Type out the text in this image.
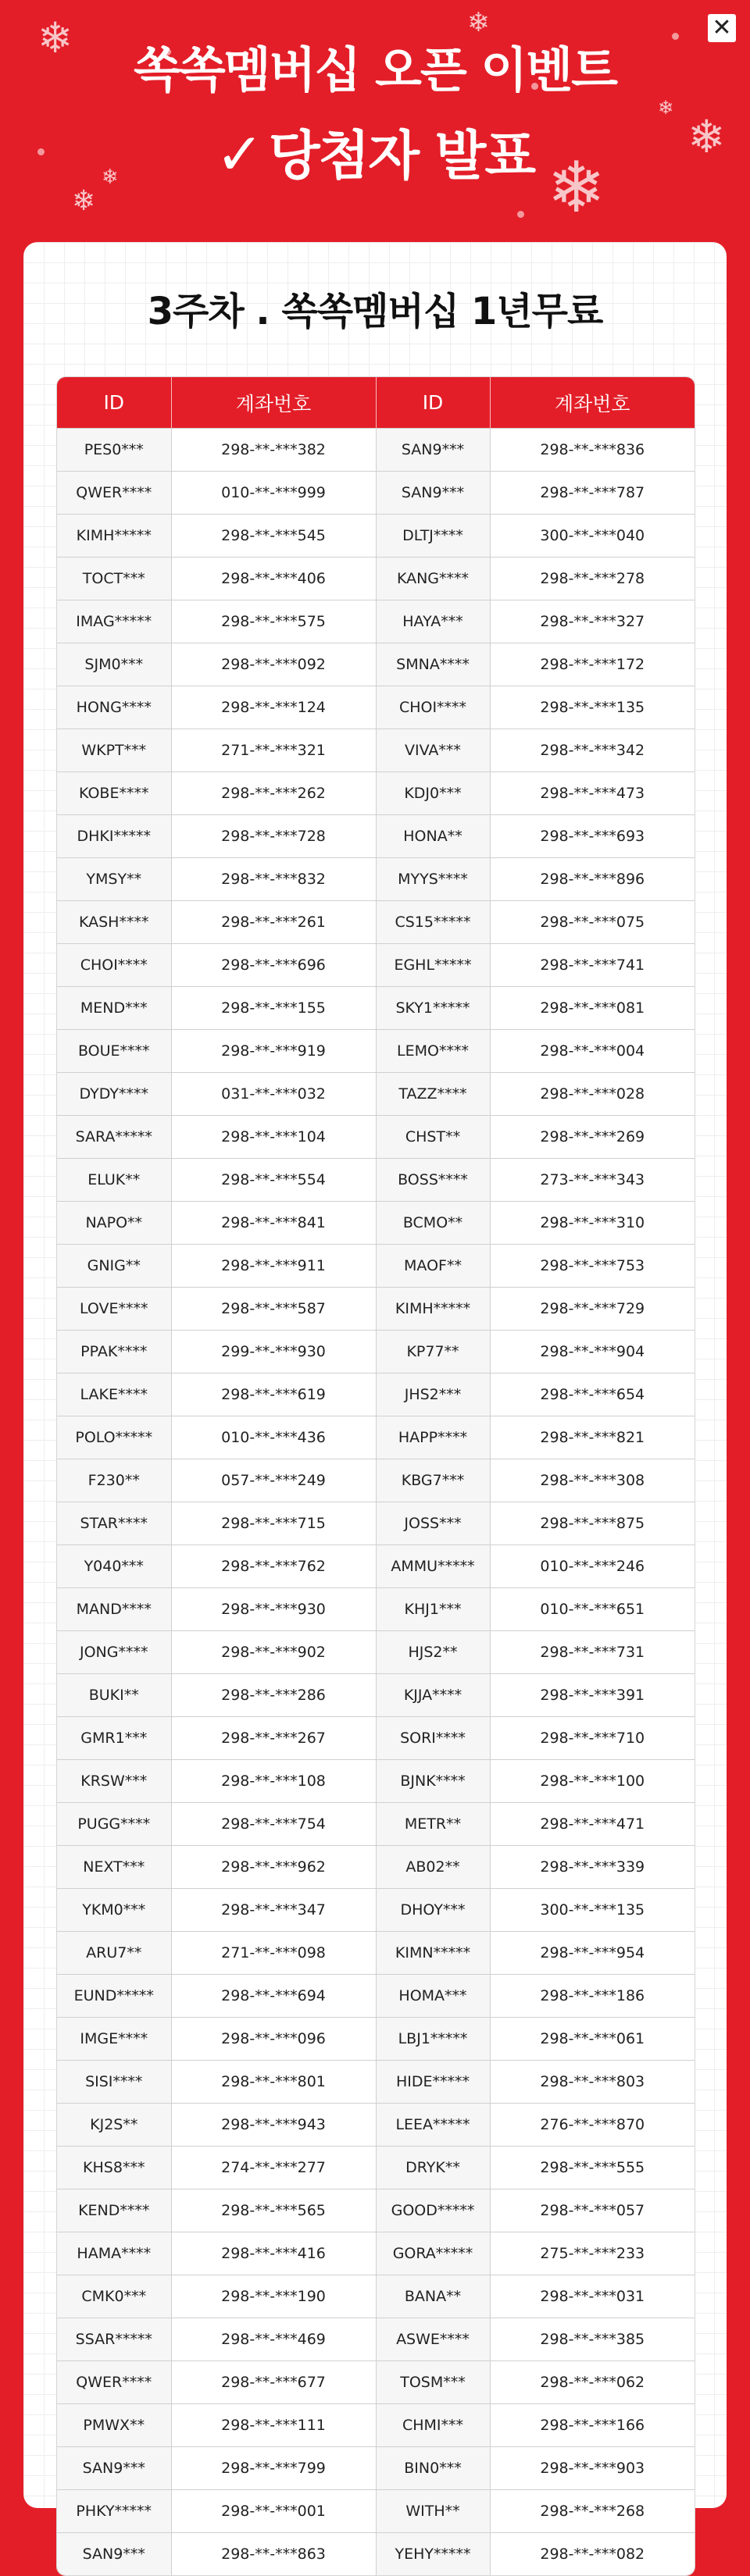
❄	❄
❄
❄
❄
❄
❄
✕
쏙쏙멤버십 오픈 이벤트
✓ 당첨자 발표
3주차 . 쏙쏙멤버십 1년무료
ID	계좌번호	ID	계좌번호
PES0***	298-**-***382	SAN9***	298-**-***836
QWER****	010-**-***999	SAN9***	298-**-***787
KIMH*****	298-**-***545	DLTJ****	300-**-***040
TOCT***	298-**-***406	KANG****	298-**-***278
IMAG*****	298-**-***575	HAYA***	298-**-***327
SJM0***	298-**-***092	SMNA****	298-**-***172
HONG****	298-**-***124	CHOI****	298-**-***135
WKPT***	271-**-***321	VIVA***	298-**-***342
KOBE****	298-**-***262	KDJ0***	298-**-***473
DHKI*****	298-**-***728	HONA**	298-**-***693
YMSY**	298-**-***832	MYYS****	298-**-***896
KASH****	298-**-***261	CS15*****	298-**-***075
CHOI****	298-**-***696	EGHL*****	298-**-***741
MEND***	298-**-***155	SKY1*****	298-**-***081
BOUE****	298-**-***919	LEMO****	298-**-***004
DYDY****	031-**-***032	TAZZ****	298-**-***028
SARA*****	298-**-***104	CHST**	298-**-***269
ELUK**	298-**-***554	BOSS****	273-**-***343
NAPO**	298-**-***841	BCMO**	298-**-***310
GNIG**	298-**-***911	MAOF**	298-**-***753
LOVE****	298-**-***587	KIMH*****	298-**-***729
PPAK****	299-**-***930	KP77**	298-**-***904
LAKE****	298-**-***619	JHS2***	298-**-***654
POLO*****	010-**-***436	HAPP****	298-**-***821
F230**	057-**-***249	KBG7***	298-**-***308
STAR****	298-**-***715	JOSS***	298-**-***875
Y040***	298-**-***762	AMMU*****	010-**-***246
MAND****	298-**-***930	KHJ1***	010-**-***651
JONG****	298-**-***902	HJS2**	298-**-***731
BUKI**	298-**-***286	KJJA****	298-**-***391
GMR1***	298-**-***267	SORI****	298-**-***710
KRSW***	298-**-***108	BJNK****	298-**-***100
PUGG****	298-**-***754	METR**	298-**-***471
NEXT***	298-**-***962	AB02**	298-**-***339
YKM0***	298-**-***347	DHOY***	300-**-***135
ARU7**	271-**-***098	KIMN*****	298-**-***954
EUND*****	298-**-***694	HOMA***	298-**-***186
IMGE****	298-**-***096	LBJ1*****	298-**-***061
SISI****	298-**-***801	HIDE*****	298-**-***803
KJ2S**	298-**-***943	LEEA*****	276-**-***870
KHS8***	274-**-***277	DRYK**	298-**-***555
KEND****	298-**-***565	GOOD*****	298-**-***057
HAMA****	298-**-***416	GORA*****	275-**-***233
CMK0***	298-**-***190	BANA**	298-**-***031
SSAR*****	298-**-***469	ASWE****	298-**-***385
QWER****	298-**-***677	TOSM***	298-**-***062
PMWX**	298-**-***111	CHMI***	298-**-***166
SAN9***	298-**-***799	BIN0***	298-**-***903
PHKY*****	298-**-***001	WITH**	298-**-***268
SAN9***	298-**-***863	YEHY*****	298-**-***082
